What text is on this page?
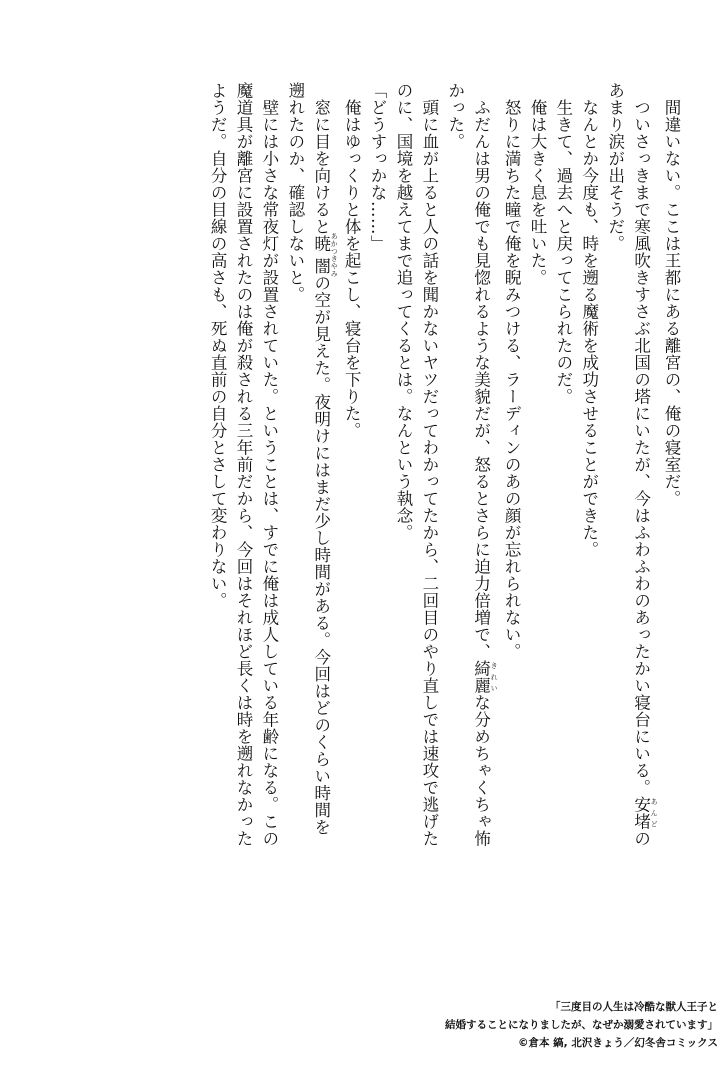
間違いない。ここは王都にある離宮の、俺の寝室だ。
ついさっきまで寒風吹きすさぶ北国の塔にいたが、今はふわふわのあったかい寝台にいる。安堵 あんどの
あまり涙が出そうだ。
なんとか今度も、時を遡る魔術を成功させることができた。
生きて、過去へと戻ってこられたのだ。
俺は大きく息を吐いた。
怒りに満ちた瞳で俺を睨みつける、ラーディンのあの顔が忘れられない。
ふだんは男の俺でも見惚れるような美貌だが、怒るとさらに迫力倍増で、綺麗 きれいな分めちゃくちゃ怖
かった。
頭に血が上ると人の話を聞かないヤツだってわかってたから、二回目のやり直しでは速攻で逃げた
のに、国境を越えてまで追ってくるとは。なんという執念。
「どうすっかな……」
俺はゆっくりと体を起こし、寝台を下りた。
窓に目を向けると暁闇 あかつきやみの空が見えた。夜明けにはまだ少し時間がある。今回はどのくらい時間を
遡れたのか、確認しないと。
壁には小さな常夜灯が設置されていた。ということは、すでに俺は成人している年齢になる。この
魔道具が離宮に設置されたのは俺が殺される三年前だから、今回はそれほど長くは時を遡れなかった
ようだ。自分の目線の高さも、死ぬ直前の自分とさして変わりない。
「三度目の人生は冷酷な獣人王子と
結婚することになりましたが、なぜか溺愛されています」
©倉本 縞, 北沢きょう／幻冬舎コミックス
